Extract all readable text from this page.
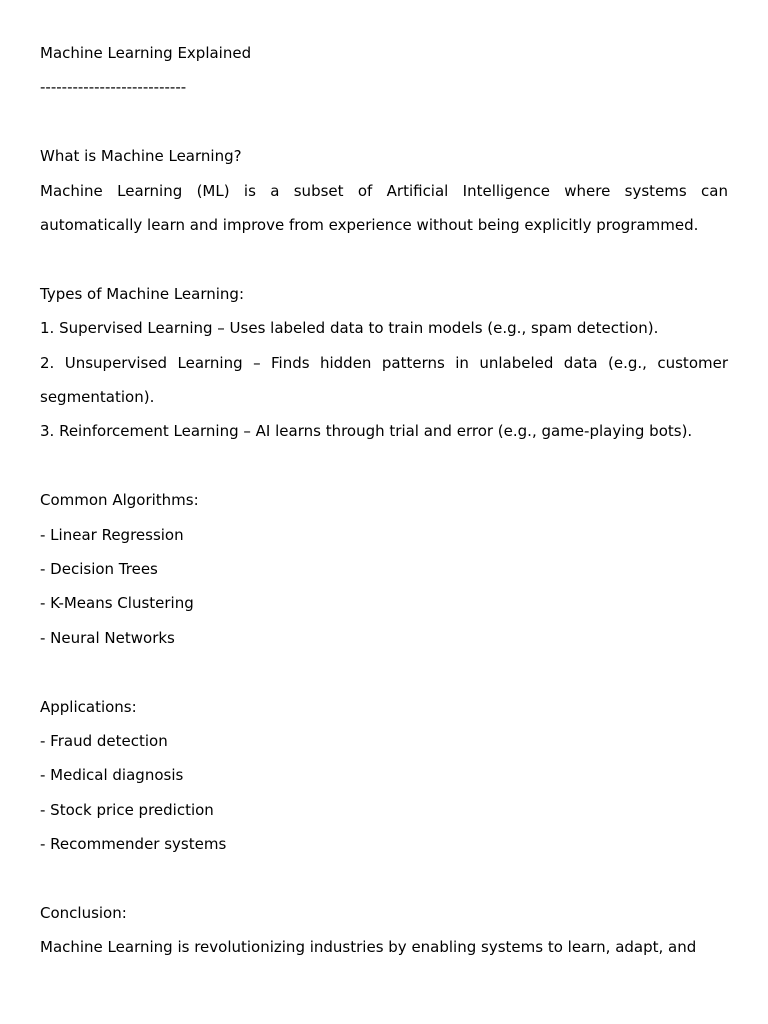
Machine Learning Explained

---------------------------

What is Machine Learning?

Machine Learning (ML) is a subset of Artificial Intelligence where systems can automatically learn and improve from experience without being explicitly programmed.

Types of Machine Learning:

1. Supervised Learning – Uses labeled data to train models (e.g., spam detection).
2. Unsupervised Learning – Finds hidden patterns in unlabeled data (e.g., customer segmentation).
3. Reinforcement Learning – AI learns through trial and error (e.g., game-playing bots).

Common Algorithms:

- Linear Regression
- Decision Trees
- K-Means Clustering
- Neural Networks

Applications:

- Fraud detection
- Medical diagnosis
- Stock price prediction
- Recommender systems

Conclusion:

Machine Learning is revolutionizing industries by enabling systems to learn, adapt, and
